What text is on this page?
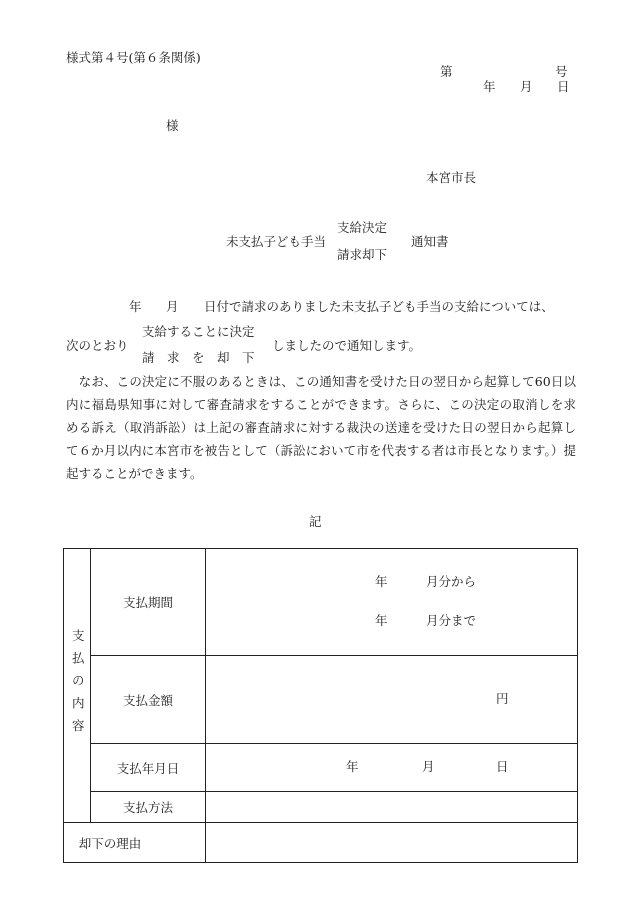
様式第４号(第６条関係)
第	号
年 月 日
様
本宮市長
未支払子ども手当
支給決定
請求却下
通知書
年 月 日付で請求のありました未支払子ども手当の支給については、
次のとおり
支給することに決定
請　求　を　却　下
しましたので通知します。
　なお、この決定に不服のあるときは、この通知書を受けた日の翌日から起算して60日以内に福島県知事に対して審査請求をすることができます。さらに、この決定の取消しを求める訴え（取消訴訟）は上記の審査請求に対する裁決の送達を受けた日の翌日から起算して６か月以内に本宮市を被告として（訴訟において市を代表する者は市長となります。）提起することができます。
記
支払の内容	支払期間	年 月分から
年 月分まで

	支払金額	円

	支払年月日	年 月 日

	支払方法	

却下の理由		
